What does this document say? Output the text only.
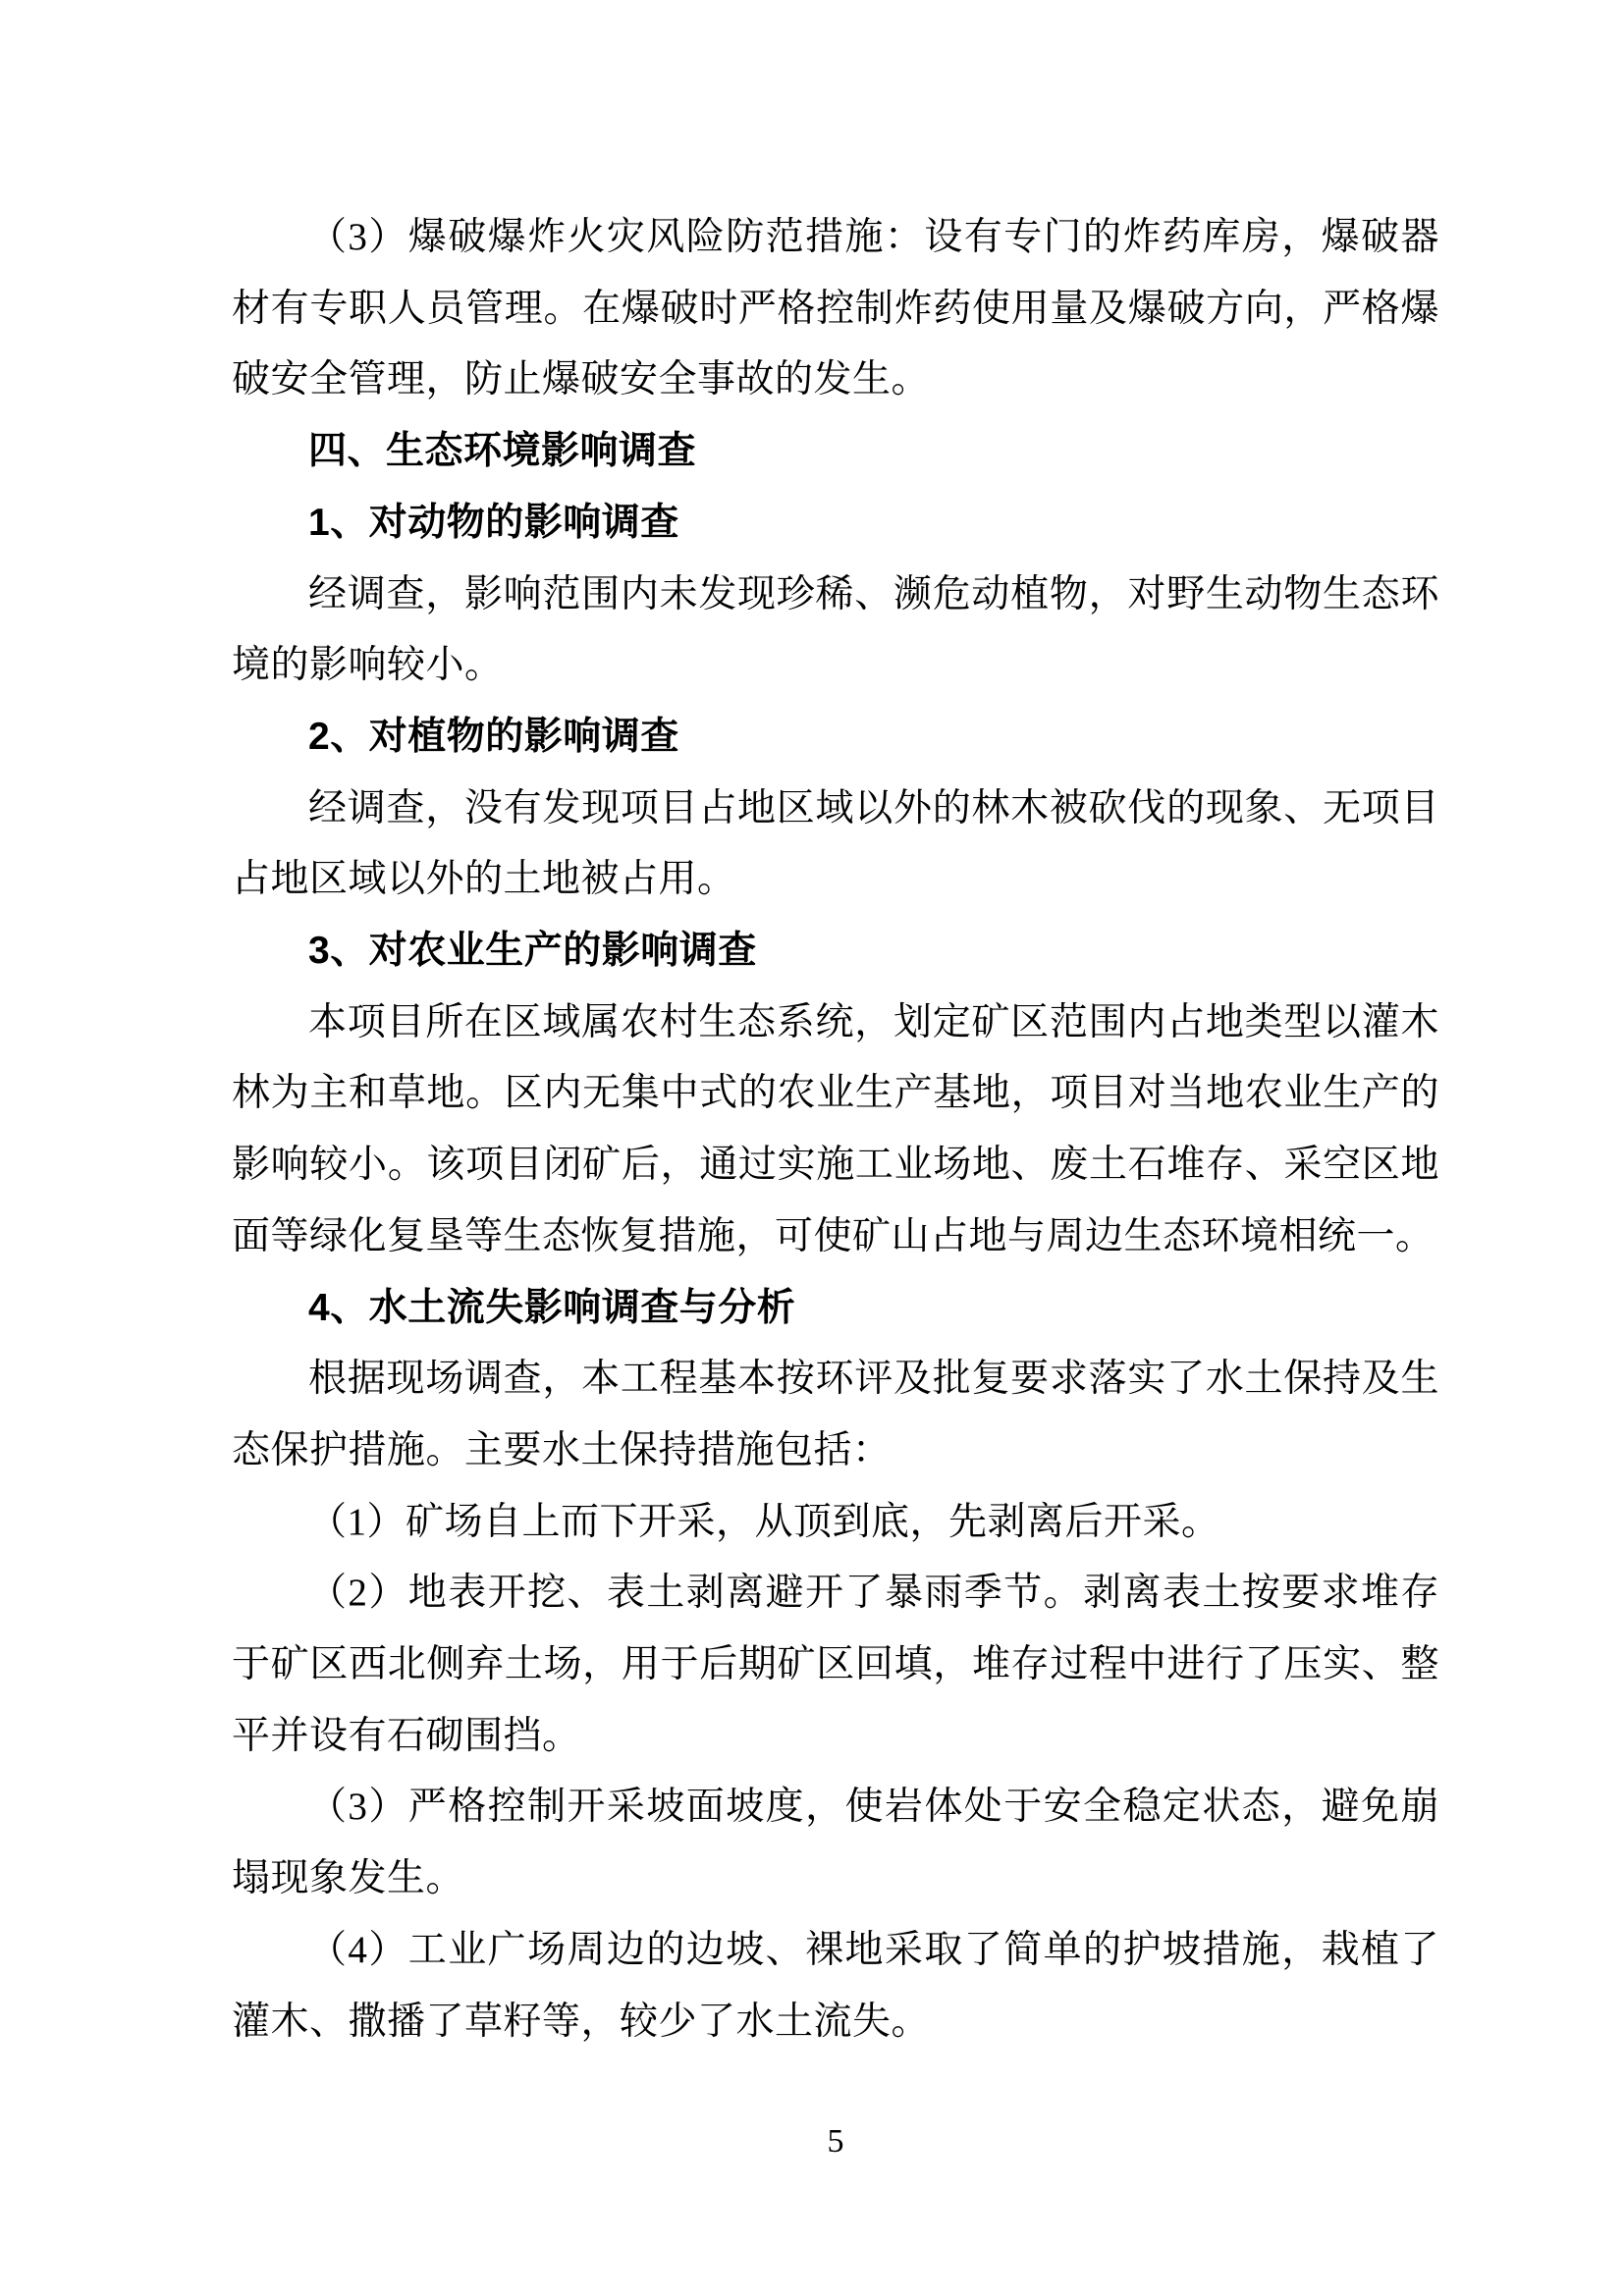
（3）爆破爆炸火灾风险防范措施：设有专门的炸药库房，爆破器材有专职人员管理。在爆破时严格控制炸药使用量及爆破方向，严格爆破安全管理，防止爆破安全事故的发生。

四、生态环境影响调查

1、对动物的影响调查

经调查，影响范围内未发现珍稀、濒危动植物，对野生动物生态环境的影响较小。

2、对植物的影响调查

经调查，没有发现项目占地区域以外的林木被砍伐的现象、无项目占地区域以外的土地被占用。

3、对农业生产的影响调查

本项目所在区域属农村生态系统，划定矿区范围内占地类型以灌木林为主和草地。区内无集中式的农业生产基地，项目对当地农业生产的影响较小。该项目闭矿后，通过实施工业场地、废土石堆存、采空区地面等绿化复垦等生态恢复措施，可使矿山占地与周边生态环境相统一。

4、水土流失影响调查与分析

根据现场调查，本工程基本按环评及批复要求落实了水土保持及生态保护措施。主要水土保持措施包括：

（1）矿场自上而下开采，从顶到底，先剥离后开采。

（2）地表开挖、表土剥离避开了暴雨季节。剥离表土按要求堆存于矿区西北侧弃土场，用于后期矿区回填，堆存过程中进行了压实、整平并设有石砌围挡。

（3）严格控制开采坡面坡度，使岩体处于安全稳定状态，避免崩塌现象发生。

（4）工业广场周边的边坡、裸地采取了简单的护坡措施，栽植了灌木、撒播了草籽等，较少了水土流失。

5
